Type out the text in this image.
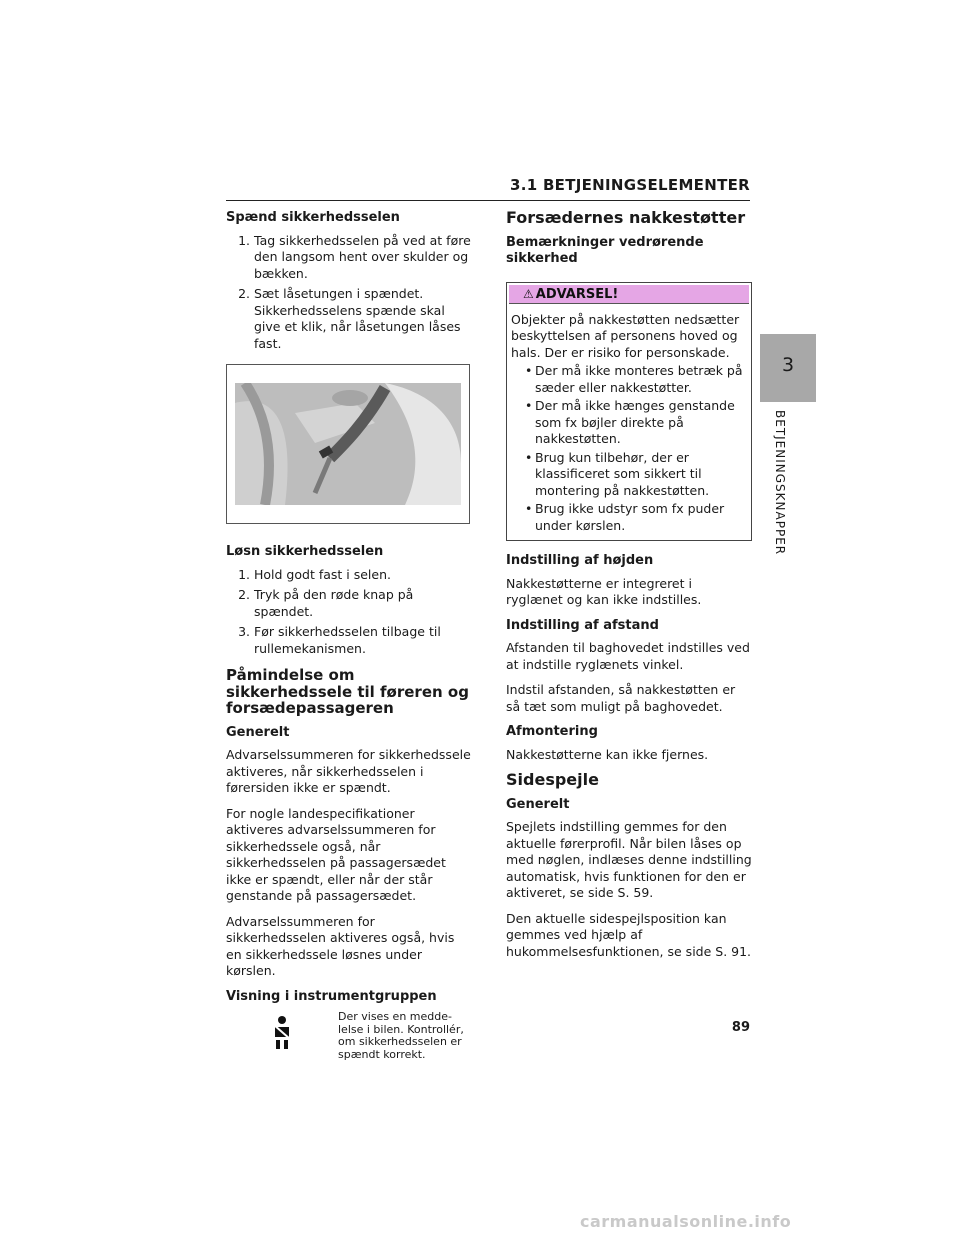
3.1 BETJENINGSELEMENTER
3
BETJENINGSKNAPPER
Spænd sikkerhedsselen
1. Tag sikkerhedsselen på ved at føre den langsom hent over skulder og bækken.
2. Sæt låsetungen i spændet. Sikkerhedsselens spænde skal give et klik, når låsetungen låses fast.
Løsn sikkerhedsselen
1. Hold godt fast i selen.
2. Tryk på den røde knap på spændet.
3. Før sikkerhedsselen tilbage til rullemekanismen.
Påmindelse om sikkerhedssele til føreren og forsædepassageren
Generelt

Advarselssummeren for sikkerhedssele aktiveres, når sikkerhedsselen i førersiden ikke er spændt.

For nogle landespecifikationer aktiveres advarselssummeren for sikkerhedssele også, når sikkerhedsselen på passagersædet ikke er spændt, eller når der står genstande på passagersædet.

Advarselssummeren for sikkerhedsselen aktiveres også, hvis en sikkerhedssele løsnes under kørslen.

Visning i instrumentgruppen
Der vises en medde-lelse i bilen. Kontrollér, om sikkerhedsselen er spændt korrekt.
Forsædernes nakkestøtter
Bemærkninger vedrørende sikkerhed
⚠ ADVARSEL!

Objekter på nakkestøtten nedsætter beskyttelsen af personens hoved og hals. Der er risiko for personskade.

• Der må ikke monteres betræk på sæder eller nakkestøtter.
• Der må ikke hænges genstande som fx bøjler direkte på nakkestøtten.
• Brug kun tilbehør, der er klassificeret som sikkert til montering på nakkestøtten.
• Brug ikke udstyr som fx puder under kørslen.
Indstilling af højden

Nakkestøtterne er integreret i ryglænet og kan ikke indstilles.

Indstilling af afstand

Afstanden til baghovedet indstilles ved at indstille ryglænets vinkel.

Indstil afstanden, så nakkestøtten er så tæt som muligt på baghovedet.

Afmontering

Nakkestøtterne kan ikke fjernes.

Sidespejle
Generelt

Spejlets indstilling gemmes for den aktuelle førerprofil. Når bilen låses op med nøglen, indlæses denne indstilling automatisk, hvis funktionen for den er aktiveret, se side S. 59.

Den aktuelle sidespejlsposition kan gemmes ved hjælp af hukommelsesfunktionen, se side S. 91.

89
carmanualsonline.info
